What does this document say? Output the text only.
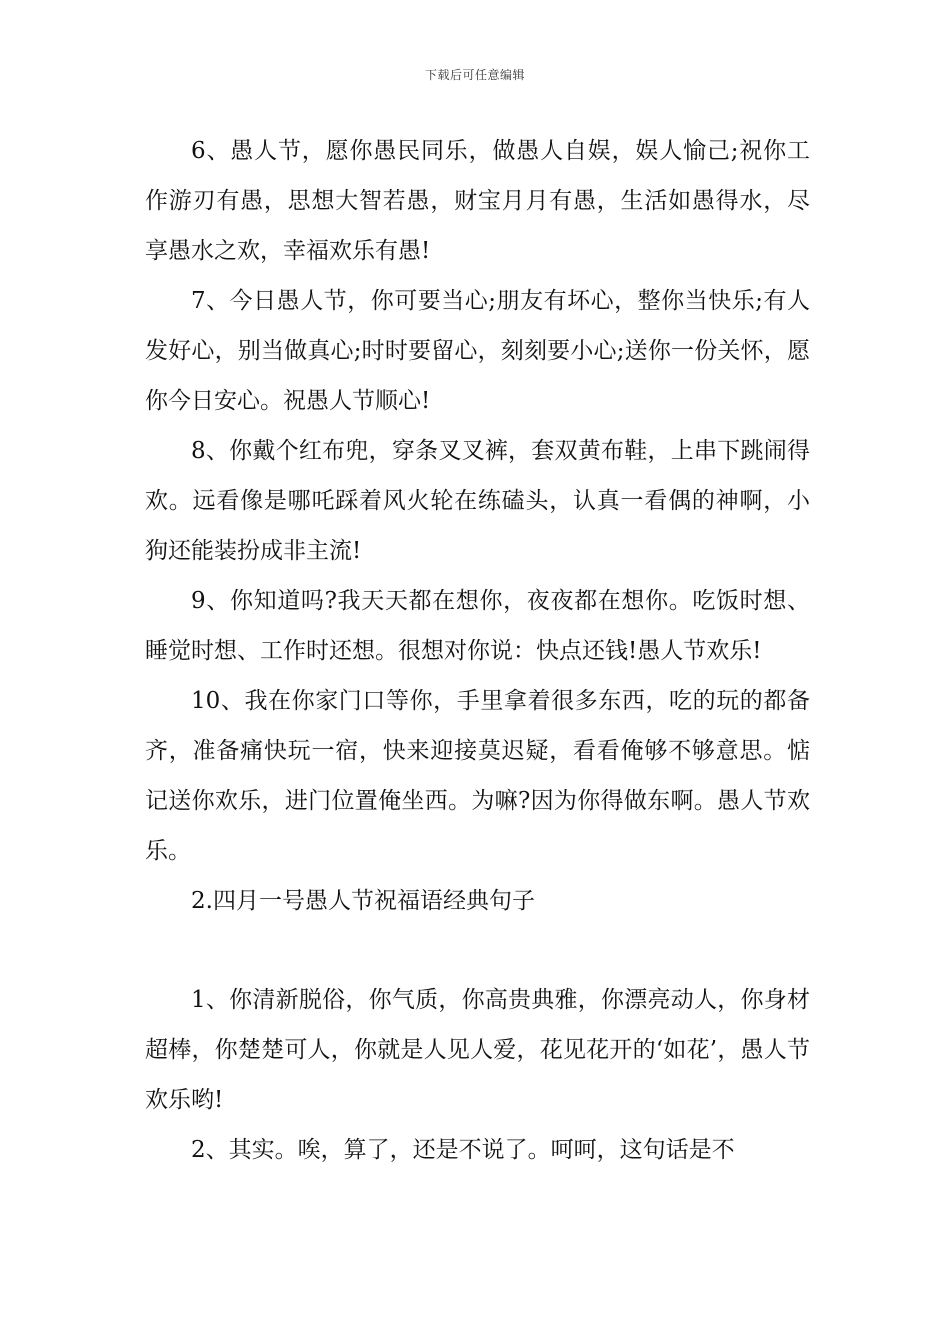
下载后可任意编辑

6、愚人节，愿你愚民同乐，做愚人自娱，娱人愉己;祝你工作游刃有愚，思想大智若愚，财宝月月有愚，生活如愚得水，尽享愚水之欢，幸福欢乐有愚!

7、今日愚人节，你可要当心;朋友有坏心，整你当快乐;有人发好心，别当做真心;时时要留心，刻刻要小心;送你一份关怀，愿你今日安心。祝愚人节顺心!

8、你戴个红布兜，穿条叉叉裤，套双黄布鞋，上串下跳闹得欢。远看像是哪吒踩着风火轮在练磕头，认真一看偶的神啊，小狗还能装扮成非主流!

9、你知道吗?我天天都在想你，夜夜都在想你。吃饭时想、睡觉时想、工作时还想。很想对你说：快点还钱!愚人节欢乐!

10、我在你家门口等你，手里拿着很多东西，吃的玩的都备齐，准备痛快玩一宿，快来迎接莫迟疑，看看俺够不够意思。惦记送你欢乐，进门位置俺坐西。为嘛?因为你得做东啊。愚人节欢乐。

2.四月一号愚人节祝福语经典句子

1、你清新脱俗，你气质，你高贵典雅，你漂亮动人，你身材超棒，你楚楚可人，你就是人见人爱，花见花开的‘如花’，愚人节欢乐哟!

2、其实。唉，算了，还是不说了。呵呵，这句话是不
